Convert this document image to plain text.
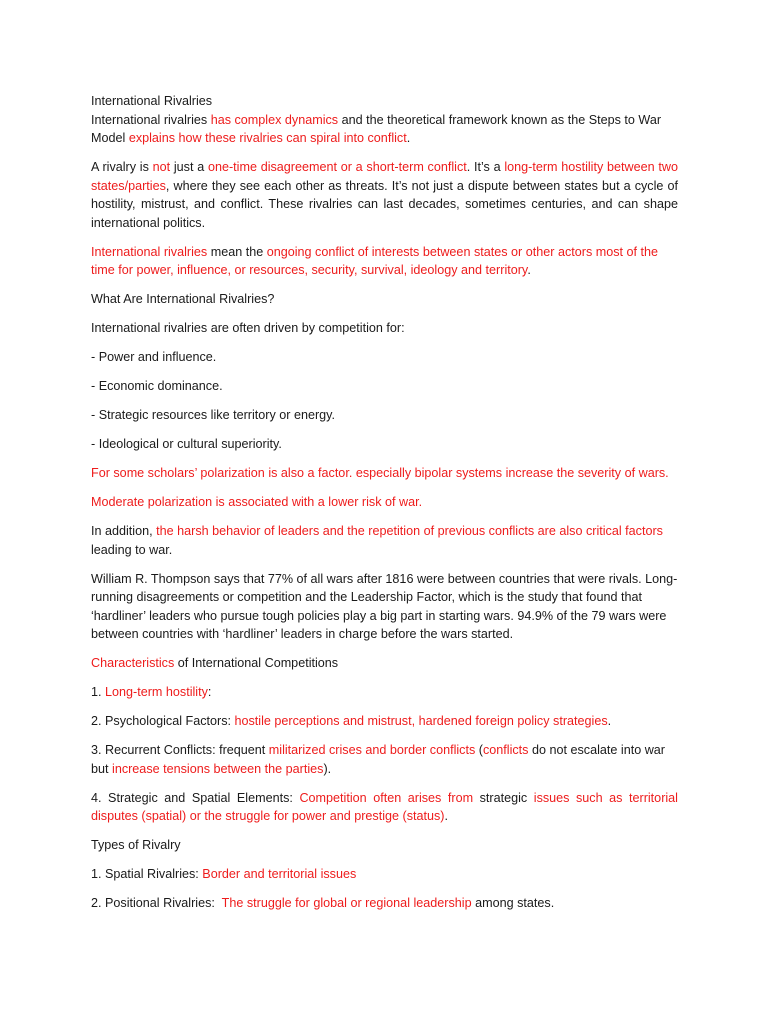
International Rivalries

International rivalries has complex dynamics and the theoretical framework known as the Steps to War Model explains how these rivalries can spiral into conflict.

A rivalry is not just a one-time disagreement or a short-term conflict. It’s a long-term hostility between two states/parties, where they see each other as threats. It’s not just a dispute between states but a cycle of hostility, mistrust, and conflict. These rivalries can last decades, sometimes centuries, and can shape international politics.

International rivalries mean the ongoing conflict of interests between states or other actors most of the time for power, influence, or resources, security, survival, ideology and territory.

What Are International Rivalries?

International rivalries are often driven by competition for:

- Power and influence.

- Economic dominance.

- Strategic resources like territory or energy.

- Ideological or cultural superiority.

For some scholars’ polarization is also a factor. especially bipolar systems increase the severity of wars.

Moderate polarization is associated with a lower risk of war.

In addition, the harsh behavior of leaders and the repetition of previous conflicts are also critical factors leading to war.

William R. Thompson says that 77% of all wars after 1816 were between countries that were rivals. Long-running disagreements or competition and the Leadership Factor, which is the study that found that ‘hardliner’ leaders who pursue tough policies play a big part in starting wars. 94.9% of the 79 wars were between countries with ‘hardliner’ leaders in charge before the wars started.

Characteristics of International Competitions

1. Long-term hostility:

2. Psychological Factors: hostile perceptions and mistrust, hardened foreign policy strategies.

3. Recurrent Conflicts: frequent militarized crises and border conflicts (conflicts do not escalate into war but increase tensions between the parties).

4. Strategic and Spatial Elements: Competition often arises from strategic issues such as territorial disputes (spatial) or the struggle for power and prestige (status).

Types of Rivalry

1. Spatial Rivalries: Border and territorial issues

2. Positional Rivalries:  The struggle for global or regional leadership among states.
